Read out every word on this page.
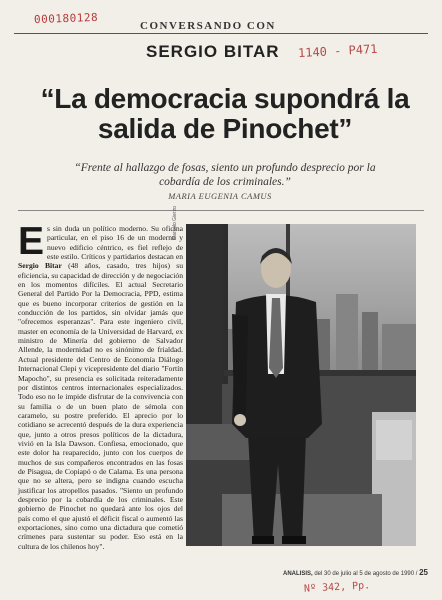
000180128	CONVERSANDO CON
SERGIO BITAR 1140 - P471
“La democracia supondrá la salida de Pinochet”
“Frente al hallazgo de fosas, siento un profundo desprecio por la cobardía de los criminales.”
MARIA EUGENIA CAMUS
Es sin duda un político moderno. Su oficina particular, en el piso 16 de un moderno y nuevo edificio céntrico, es fiel reflejo de este estilo. Críticos y partidarios destacan en Sergio Bitar (48 años, casado, tres hijos) su eficiencia, su capacidad de dirección y de negociación en los momentos difíciles. El actual Secretario General del Partido Por la Democracia, PPD, estima que es bueno incorporar criterios de gestión en la conducción de los partidos, sin olvidar jamás que "ofrecemos esperanzas". Para este ingeniero civil, master en economía de la Universidad de Harvard, ex ministro de Minería del gobierno de Salvador Allende, la modernidad no es sinónimo de frialdad. Actual presidente del Centro de Economía Diálogo Internacional Clepi y vicepresidente del diario "Fortín Mapocho", su presencia es solicitada reiteradamente por distintos centros internacionales especializados. Todo eso no le impide disfrutar de la convivencia con su familia o de un buen plato de sémola con caramelo, su postre preferido. El aprecio por lo cotidiano se acrecentó después de la dura experiencia que, junto a otros presos políticos de la dictadura, vivió en la Isla Dawson. Confiesa, emocionado, que este dolor ha reaparecido, junto con los cuerpos de muchos de sus compañeros encontrados en las fosas de Pisagua, de Copiapó o de Calama. Es una persona que no se altera, pero se indigna cuando escucha justificar los atropellos pasados. "Siento un profundo desprecio por la cobardía de los criminales. Este gobierno de Pinochet no quedará ante los ojos del país como el que ajustó el déficit fiscal o aumentó las exportaciones, sino como una dictadura que cometió crímenes para sustentar su poder. Eso está en la cultura de los chilenos hoy".
Marcelo Gierzo
ANALISIS, del 30 de julio al 5 de agosto de 1990 / 25
Nº 342, Pp.
